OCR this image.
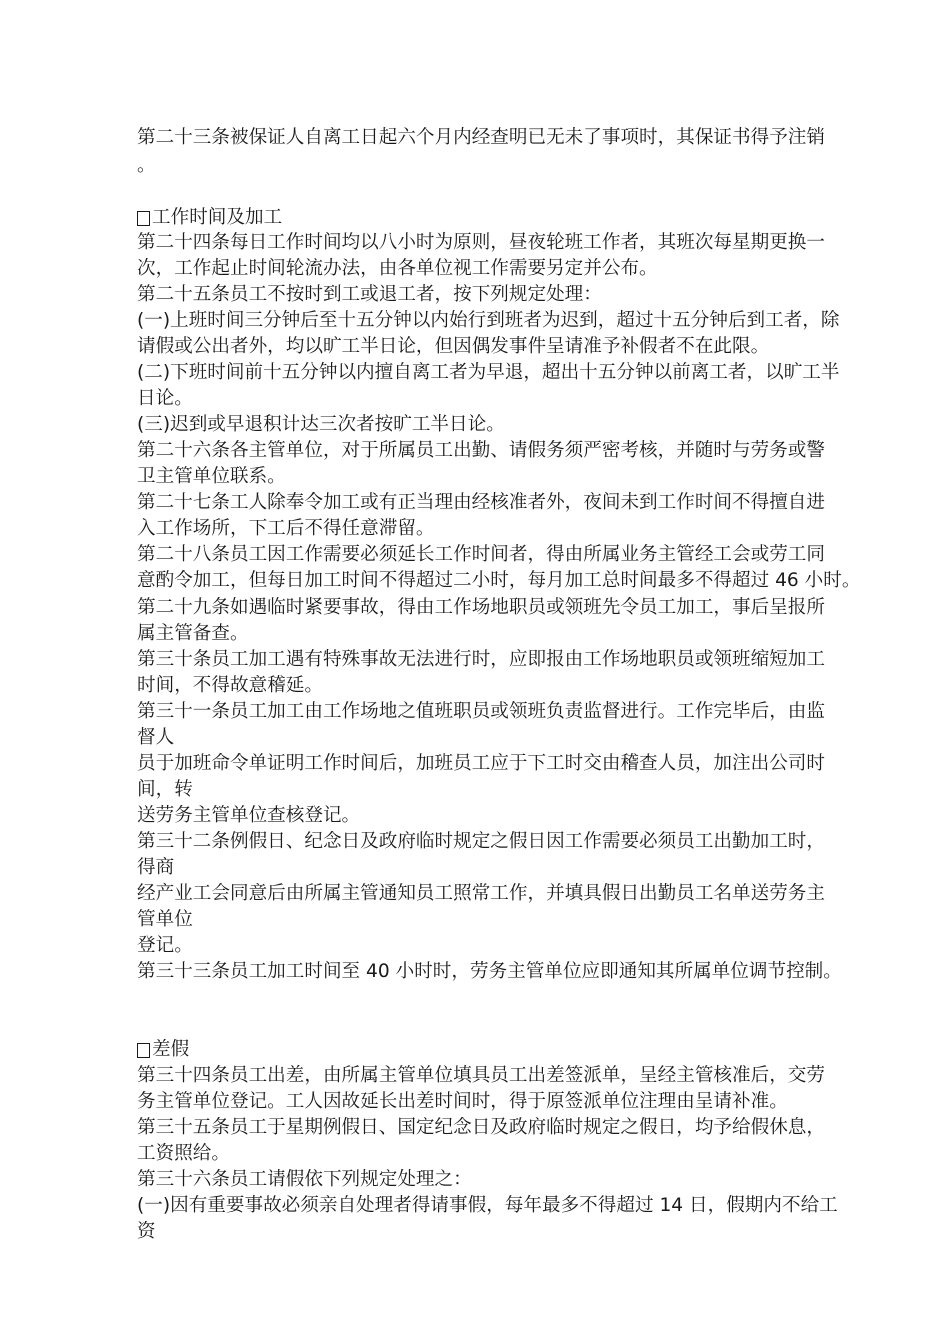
第二十三条被保证人自离工日起六个月内经查明已无未了事项时，其保证书得予注销

。

工作时间及加工

第二十四条每日工作时间均以八小时为原则，昼夜轮班工作者，其班次每星期更换一

次，工作起止时间轮流办法，由各单位视工作需要另定并公布。

第二十五条员工不按时到工或退工者，按下列规定处理：

(一)上班时间三分钟后至十五分钟以内始行到班者为迟到，超过十五分钟后到工者，除

请假或公出者外，均以旷工半日论，但因偶发事件呈请准予补假者不在此限。

(二)下班时间前十五分钟以内擅自离工者为早退，超出十五分钟以前离工者，以旷工半

日论。

(三)迟到或早退积计达三次者按旷工半日论。

第二十六条各主管单位，对于所属员工出勤、请假务须严密考核，并随时与劳务或警

卫主管单位联系。

第二十七条工人除奉令加工或有正当理由经核准者外，夜间未到工作时间不得擅自进

入工作场所，下工后不得任意滞留。

第二十八条员工因工作需要必须延长工作时间者，得由所属业务主管经工会或劳工同

意酌令加工，但每日加工时间不得超过二小时，每月加工总时间最多不得超过 46 小时。

第二十九条如遇临时紧要事故，得由工作场地职员或领班先令员工加工，事后呈报所

属主管备查。

第三十条员工加工遇有特殊事故无法进行时，应即报由工作场地职员或领班缩短加工

时间，不得故意稽延。

第三十一条员工加工由工作场地之值班职员或领班负责监督进行。工作完毕后，由监

督人

员于加班命令单证明工作时间后，加班员工应于下工时交由稽查人员，加注出公司时

间，转

送劳务主管单位查核登记。

第三十二条例假日、纪念日及政府临时规定之假日因工作需要必须员工出勤加工时，

得商

经产业工会同意后由所属主管通知员工照常工作，并填具假日出勤员工名单送劳务主

管单位

登记。

第三十三条员工加工时间至 40 小时时，劳务主管单位应即通知其所属单位调节控制。

差假

第三十四条员工出差，由所属主管单位填具员工出差签派单，呈经主管核准后，交劳

务主管单位登记。工人因故延长出差时间时，得于原签派单位注理由呈请补准。

第三十五条员工于星期例假日、国定纪念日及政府临时规定之假日，均予给假休息，

工资照给。

第三十六条员工请假依下列规定处理之：

(一)因有重要事故必须亲自处理者得请事假，每年最多不得超过 14 日，假期内不给工

资
